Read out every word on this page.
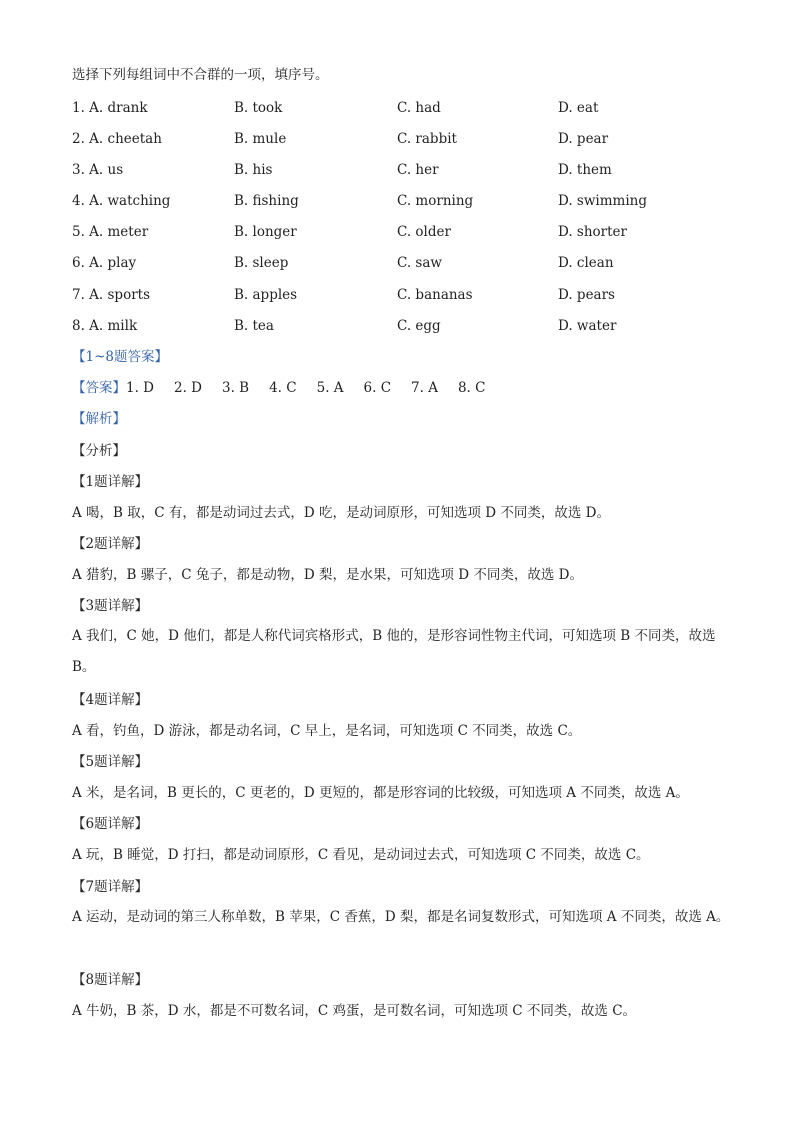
选择下列每组词中不合群的一项，填序号。
1. A. drank	B. took	C. had	D. eat
2. A. cheetah	B. mule	C. rabbit	D. pear
3. A. us	B. his	C. her	D. them
4. A. watching	B. fishing	C. morning	D. swimming
5. A. meter	B. longer	C. older	D. shorter
6. A. play	B. sleep	C. saw	D. clean
7. A. sports	B. apples	C. bananas	D. pears
8. A. milk	B. tea	C. egg	D. water
【1~8题答案】
【答案】1. D 2. D 3. B 4. C 5. A 6. C 7. A 8. C
【解析】
【分析】
【1题详解】
A 喝，B 取，C 有，都是动词过去式，D 吃，是动词原形，可知选项 D 不同类，故选 D。
【2题详解】
A 猎豹，B 骡子，C 兔子，都是动物，D 梨，是水果，可知选项 D 不同类，故选 D。
【3题详解】
A 我们，C 她，D 他们，都是人称代词宾格形式，B 他的，是形容词性物主代词，可知选项 B 不同类，故选 B。
【4题详解】
A 看，钓鱼，D 游泳，都是动名词，C 早上，是名词，可知选项 C 不同类，故选 C。
【5题详解】
A 米，是名词，B 更长的，C 更老的，D 更短的，都是形容词的比较级，可知选项 A 不同类，故选 A。
【6题详解】
A 玩，B 睡觉，D 打扫，都是动词原形，C 看见，是动词过去式，可知选项 C 不同类，故选 C。
【7题详解】
A 运动，是动词的第三人称单数，B 苹果，C 香蕉，D 梨，都是名词复数形式，可知选项 A 不同类，故选 A。
【8题详解】
A 牛奶，B 茶，D 水，都是不可数名词，C 鸡蛋，是可数名词，可知选项 C 不同类，故选 C。
